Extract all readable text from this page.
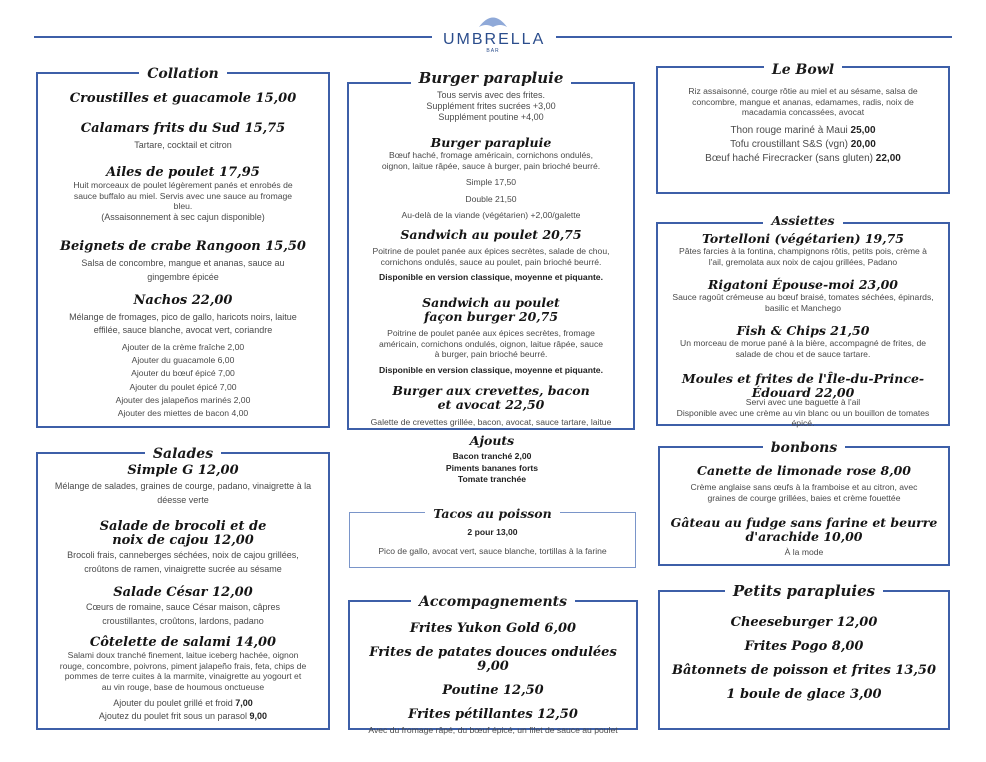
UMBRELLA
BAR
Collation
Croustilles et guacamole 15,00
Calamars frits du Sud 15,75
Tartare, cocktail et citron
Ailes de poulet 17,95
Huit morceaux de poulet légèrement panés et enrobés de
sauce buffalo au miel. Servis avec une sauce au fromage
bleu.
(Assaisonnement à sec cajun disponible)
Beignets de crabe Rangoon 15,50
Salsa de concombre, mangue et ananas, sauce au
gingembre épicée
Nachos 22,00
Mélange de fromages, pico de gallo, haricots noirs, laitue
effilée, sauce blanche, avocat vert, coriandre
Ajouter de la crème fraîche 2,00
Ajouter du guacamole 6,00
Ajouter du bœuf épicé 7,00
Ajouter du poulet épicé 7,00
Ajouter des jalapeños marinés 2,00
Ajouter des miettes de bacon 4,00
Salades
Simple G 12,00
Mélange de salades, graines de courge, padano, vinaigrette à la
déesse verte
Salade de brocoli et de
noix de cajou 12,00
Brocoli frais, canneberges séchées, noix de cajou grillées,
croûtons de ramen, vinaigrette sucrée au sésame
Salade César 12,00
Cœurs de romaine, sauce César maison, câpres
croustillantes, croûtons, lardons, padano
Côtelette de salami 14,00
Salami doux tranché finement, laitue iceberg hachée, oignon
rouge, concombre, poivrons, piment jalapeño frais, feta, chips de
pommes de terre cuites à la marmite, vinaigrette au yogourt et
au vin rouge, base de houmous onctueuse
Ajouter du poulet grillé et froid 7,00
Ajoutez du poulet frit sous un parasol 9,00
Burger parapluie
Tous servis avec des frites.
Supplément frites sucrées +3,00
Supplément poutine +4,00
Burger parapluie
Bœuf haché, fromage américain, cornichons ondulés,
oignon, laitue râpée, sauce à burger, pain brioché beurré.
Simple 17,50
Double 21,50
Au-delà de la viande (végétarien) +2,00/galette
Sandwich au poulet 20,75
Poitrine de poulet panée aux épices secrètes, salade de chou,
cornichons ondulés, sauce au poulet, pain brioché beurré.
Disponible en version classique, moyenne et piquante.
Sandwich au poulet
façon burger 20,75
Poitrine de poulet panée aux épices secrètes, fromage
américain, cornichons ondulés, oignon, laitue râpée, sauce
à burger, pain brioché beurré.
Disponible en version classique, moyenne et piquante.
Burger aux crevettes, bacon
et avocat 22,50
Galette de crevettes grillée, bacon, avocat, sauce tartare, laitue
Ajouts
Bacon tranché 2,00
Piments bananes forts
Tomate tranchée
Tacos au poisson
2 pour 13,00
Pico de gallo, avocat vert, sauce blanche, tortillas à la farine
Accompagnements
Frites Yukon Gold 6,00
Frites de patates douces ondulées 9,00
Poutine 12,50
Frites pétillantes 12,50
Avec du fromage râpé, du bœuf épicé, un filet de sauce au poulet
Le Bowl
Riz assaisonné, courge rôtie au miel et au sésame, salsa de
concombre, mangue et ananas, edamames, radis, noix de
macadamia concassées, avocat
Thon rouge mariné à Maui 25,00
Tofu croustillant S&S (vgn) 20,00
Bœuf haché Firecracker (sans gluten) 22,00
Assiettes
Tortelloni (végétarien) 19,75
Pâtes farcies à la fontina, champignons rôtis, petits pois, crème à
l'ail, gremolata aux noix de cajou grillées, Padano
Rigatoni Épouse-moi 23,00
Sauce ragoût crémeuse au bœuf braisé, tomates séchées, épinards,
basilic et Manchego
Fish & Chips 21,50
Un morceau de morue pané à la bière, accompagné de frites, de
salade de chou et de sauce tartare.
Moules et frites de l'Île-du-Prince-
Édouard 22,00
Servi avec une baguette à l'ail
Disponible avec une crème au vin blanc ou un bouillon de tomates épicé.
bonbons
Canette de limonade rose 8,00
Crème anglaise sans œufs à la framboise et au citron, avec
graines de courge grillées, baies et crème fouettée
Gâteau au fudge sans farine et beurre
d'arachide 10,00
À la mode
Petits parapluies
Cheeseburger 12,00
Frites Pogo 8,00
Bâtonnets de poisson et frites 13,50
1 boule de glace 3,00
